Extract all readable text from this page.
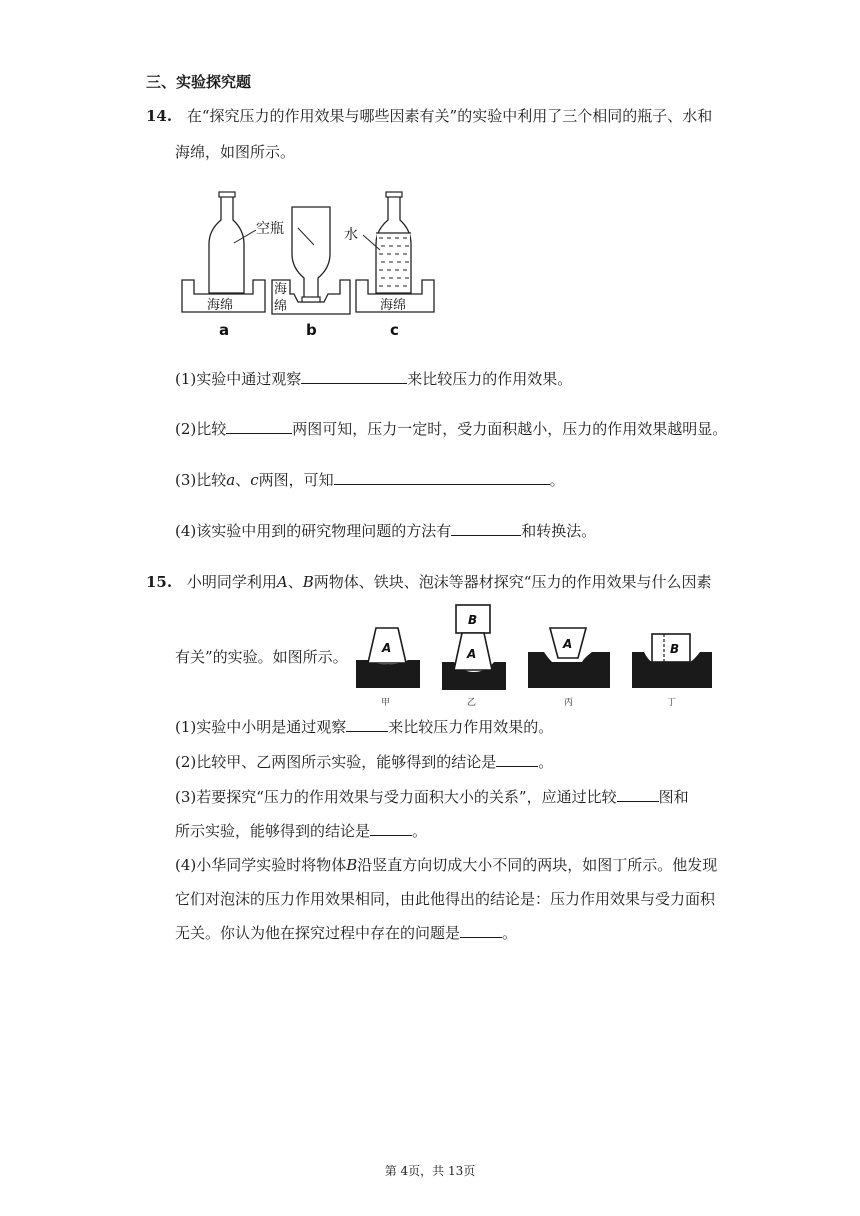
三、实验探究题
14. 在“探究压力的作用效果与哪些因素有关”的实验中利用了三个相同的瓶子、水和
海绵，如图所示。
空瓶
海绵
海
绵
水
海绵
a	b	c
(1)实验中通过观察	来比较压力的作用效果。
(2)比较	两图可知，压力一定时，受力面积越小，压力的作用效果越明显。
(3)比较a、c两图，可知	。
(4)该实验中用到的研究物理问题的方法有	和转换法。
15. 小明同学利用A、B两物体、铁块、泡沫等器材探究“压力的作用效果与什么因素
有关”的实验。如图所示。	A
甲
B
A
乙
A
丙
B
丁
(1)实验中小明是通过观察	来比较压力作用效果的。
(2)比较甲、乙两图所示实验，能够得到的结论是	。
(3)若要探究“压力的作用效果与受力面积大小的关系”，应通过比较	图和
所示实验，能够得到的结论是	。
(4)小华同学实验时将物体B沿竖直方向切成大小不同的两块，如图丁所示。他发现
它们对泡沫的压力作用效果相同，由此他得出的结论是：压力作用效果与受力面积
无关。你认为他在探究过程中存在的问题是	。
第 4页，共 13页
